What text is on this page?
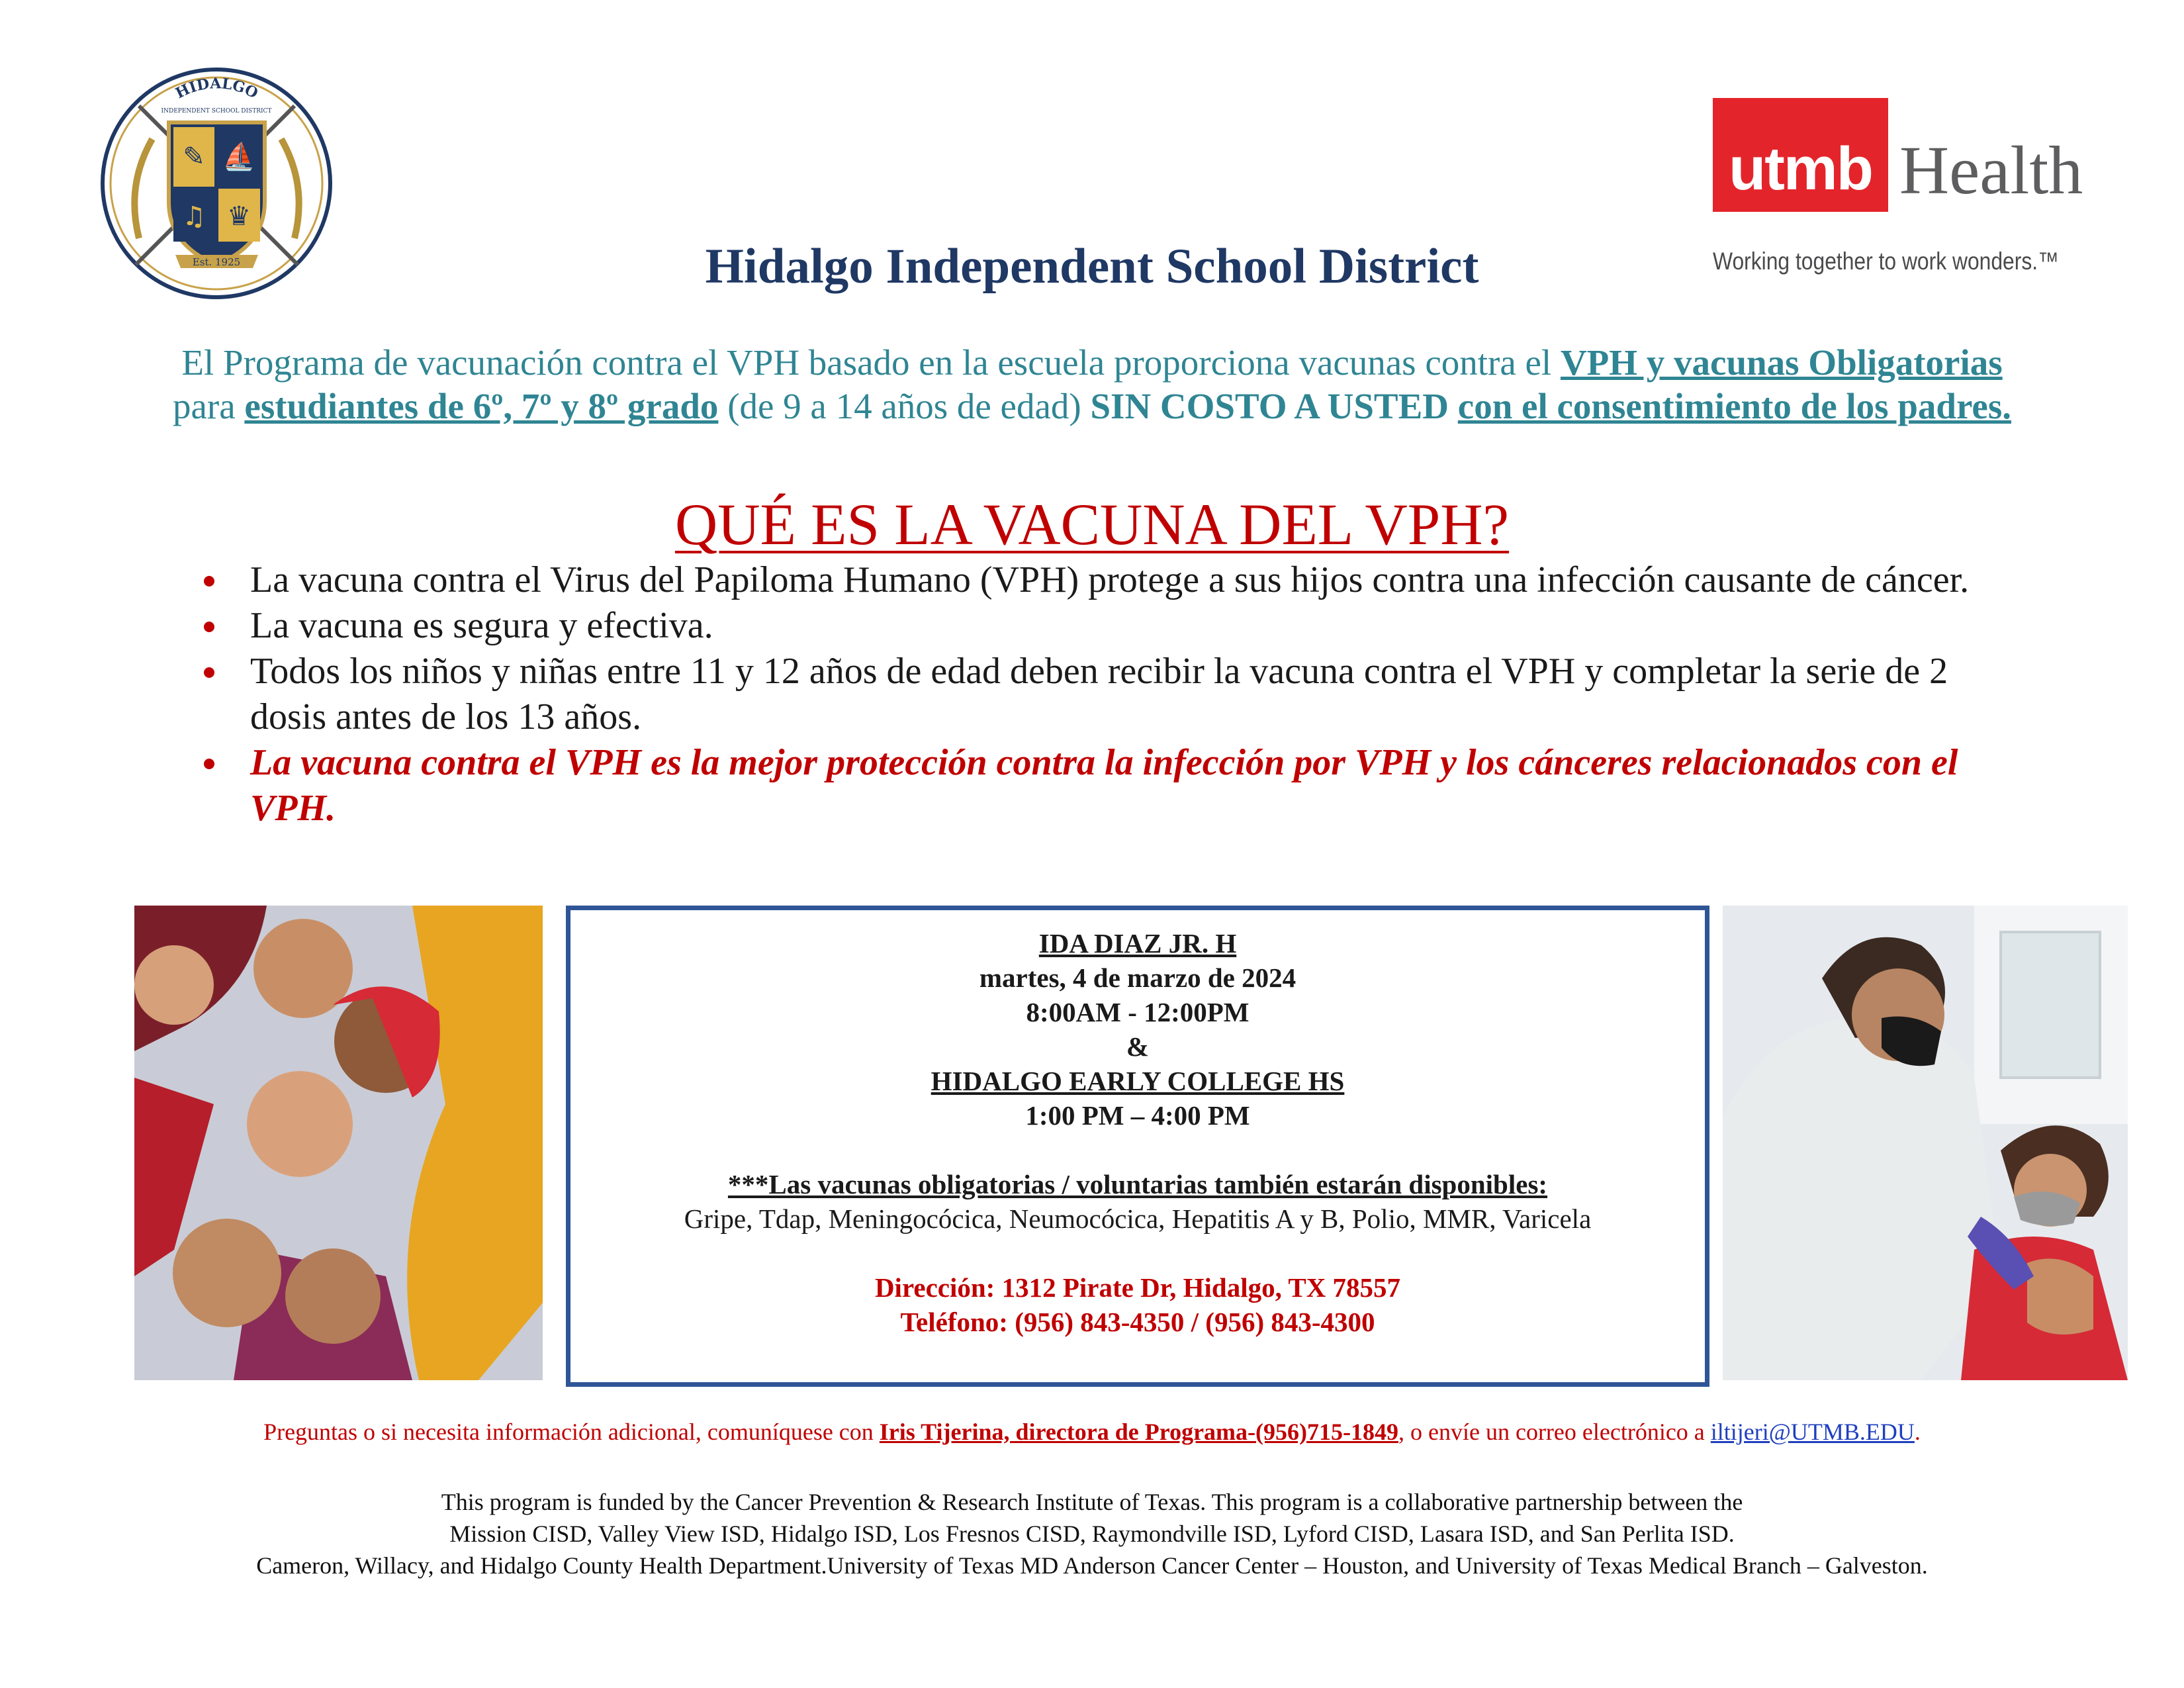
✎ ⛵
♫ ♛
Est. 1925
HIDALGO
INDEPENDENT SCHOOL DISTRICT
utmb Health
Working together to work wonders.™
Hidalgo Independent School District
El Programa de vacunación contra el VPH basado en la escuela proporciona vacunas contra el VPH y vacunas Obligatorias
para estudiantes de 6º, 7º y 8º grado (de 9 a 14 años de edad) SIN COSTO A USTED con el consentimiento de los padres.
QUÉ ES LA VACUNA DEL VPH?
La vacuna contra el Virus del Papiloma Humano (VPH) protege a sus hijos contra una infección causante de cáncer.
La vacuna es segura y efectiva.
Todos los niños y niñas entre 11 y 12 años de edad deben recibir la vacuna contra el VPH y completar la serie de 2 dosis antes de los 13 años.
La vacuna contra el VPH es la mejor protección contra la infección por VPH y los cánceres relacionados con el VPH.
IDA DIAZ JR. H
martes, 4 de marzo de 2024
8:00AM - 12:00PM
&
HIDALGO EARLY COLLEGE HS
1:00 PM – 4:00 PM
***Las vacunas obligatorias / voluntarias también estarán disponibles:
Gripe, Tdap, Meningocócica, Neumocócica, Hepatitis A y B, Polio, MMR, Varicela
Dirección: 1312 Pirate Dr, Hidalgo, TX 78557
Teléfono: (956) 843-4350 / (956) 843-4300
Preguntas o si necesita información adicional, comuníquese con Iris Tijerina, directora de Programa-(956)715-1849, o envíe un correo electrónico a iltijeri@UTMB.EDU.
This program is funded by the Cancer Prevention & Research Institute of Texas. This program is a collaborative partnership between the
Mission CISD, Valley View ISD, Hidalgo ISD, Los Fresnos CISD, Raymondville ISD, Lyford CISD, Lasara ISD, and San Perlita ISD.
Cameron, Willacy, and Hidalgo County Health Department.University of Texas MD Anderson Cancer Center – Houston, and University of Texas Medical Branch – Galveston.
